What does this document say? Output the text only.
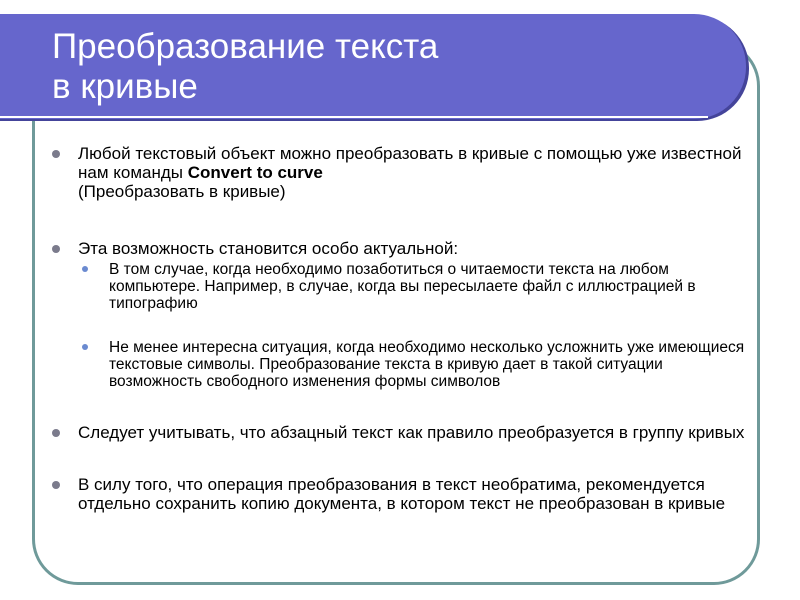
Преобразование текста
в кривые
Любой текстовый объект можно преобразовать в кривые с помощью уже известной нам команды Convert to curve
(Преобразовать в кривые)
Эта возможность становится особо актуальной:
В том случае, когда необходимо позаботиться о читаемости текста на любом компьютере. Например, в случае, когда вы пересылаете файл с иллюстрацией в типографию
Не менее интересна ситуация, когда необходимо несколько усложнить уже имеющиеся текстовые символы. Преобразование текста в кривую дает в такой ситуации возможность свободного изменения формы символов
Следует учитывать, что абзацный текст как правило преобразуется в группу кривых
В силу того, что операция преобразования в текст необратима, рекомендуется отдельно сохранить копию документа, в котором текст не преобразован в кривые
